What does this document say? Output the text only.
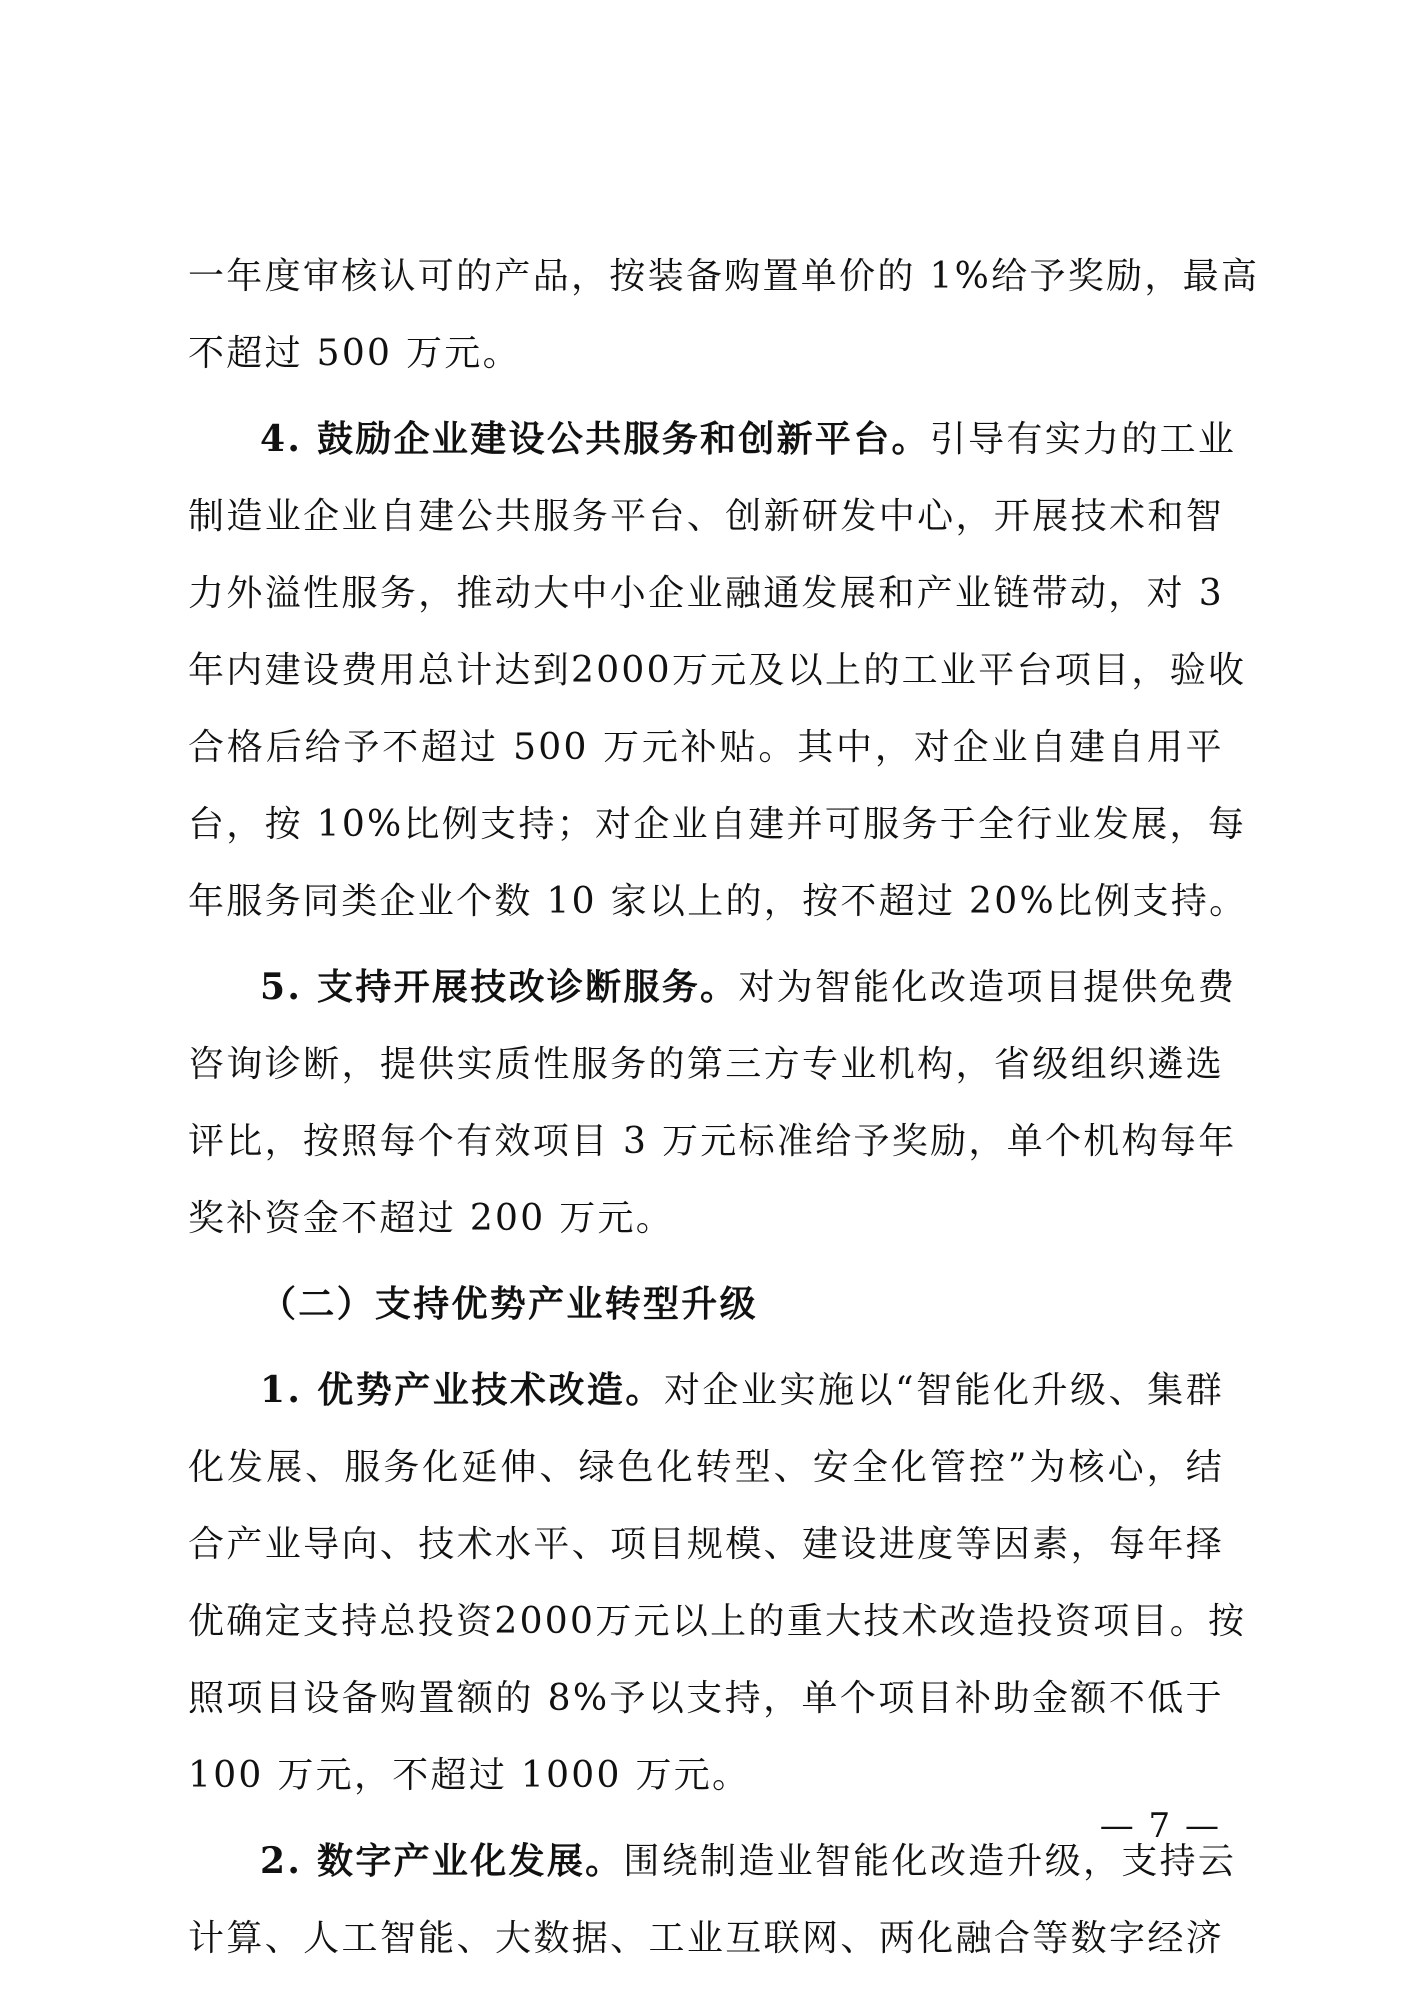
一年度审核认可的产品，按装备购置单价的 1%给予奖励，最高
不超过 500 万元。
4. 鼓励企业建设公共服务和创新平台。引导有实力的工业
制造业企业自建公共服务平台、创新研发中心，开展技术和智
力外溢性服务，推动大中小企业融通发展和产业链带动，对 3
年内建设费用总计达到2000万元及以上的工业平台项目，验收
合格后给予不超过 500 万元补贴。其中，对企业自建自用平
台，按 10%比例支持；对企业自建并可服务于全行业发展，每
年服务同类企业个数 10 家以上的，按不超过 20%比例支持。
5. 支持开展技改诊断服务。对为智能化改造项目提供免费
咨询诊断，提供实质性服务的第三方专业机构，省级组织遴选
评比，按照每个有效项目 3 万元标准给予奖励，单个机构每年
奖补资金不超过 200 万元。
（二）支持优势产业转型升级
1. 优势产业技术改造。对企业实施以“智能化升级、集群
化发展、服务化延伸、绿色化转型、安全化管控”为核心，结
合产业导向、技术水平、项目规模、建设进度等因素，每年择
优确定支持总投资2000万元以上的重大技术改造投资项目。按
照项目设备购置额的 8%予以支持，单个项目补助金额不低于
100 万元，不超过 1000 万元。
2. 数字产业化发展。围绕制造业智能化改造升级，支持云
计算、人工智能、大数据、工业互联网、两化融合等数字经济
— 7 —
